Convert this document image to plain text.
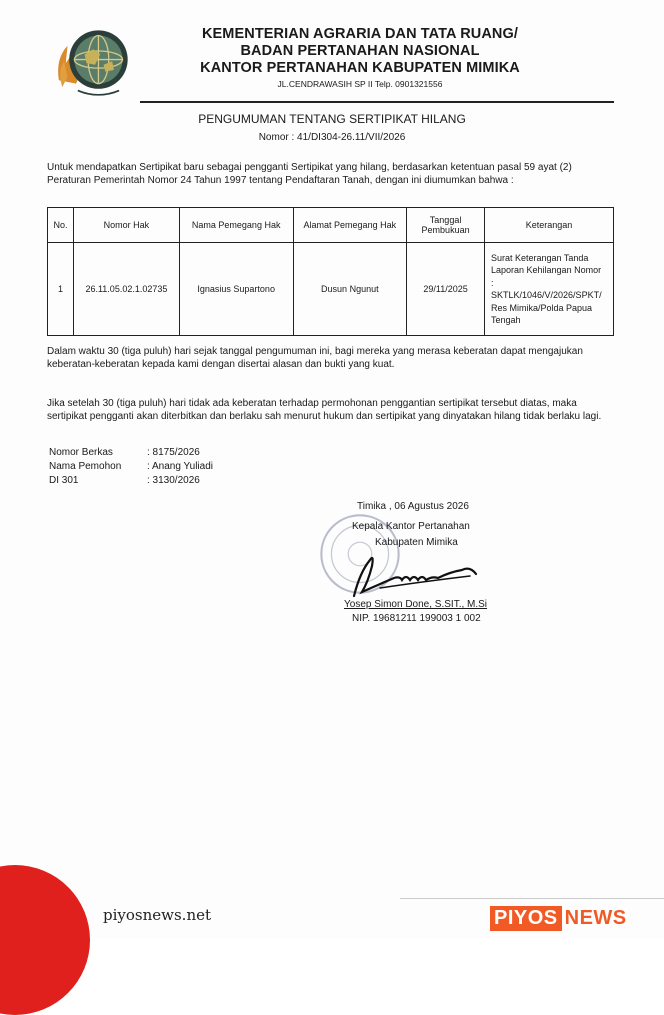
KEMENTERIAN AGRARIA DAN TATA RUANG/
BADAN PERTANAHAN NASIONAL
KANTOR PERTANAHAN KABUPATEN MIMIKA
JL.CENDRAWASIH SP II Telp. 0901321556
PENGUMUMAN TENTANG SERTIPIKAT HILANG
Nomor : 41/DI304-26.11/VII/2026
Untuk mendapatkan Sertipikat baru sebagai pengganti Sertipikat yang hilang, berdasarkan ketentuan pasal 59 ayat (2) Peraturan Pemerintah Nomor 24 Tahun 1997 tentang Pendaftaran Tanah, dengan ini diumumkan bahwa :
No.	Nomor Hak	Nama Pemegang Hak	Alamat Pemegang Hak	Tanggal Pembukuan	Keterangan
1	26.11.05.02.1.02735	Ignasius Supartono	Dusun Ngunut	29/11/2025	Surat Keterangan Tanda Laporan Kehilangan Nomor
:
SKTLK/1046/V/2026/SPKT/ Res Mimika/Polda Papua Tengah
Dalam waktu 30 (tiga puluh) hari sejak tanggal pengumuman ini, bagi mereka yang merasa keberatan dapat mengajukan keberatan-keberatan kepada kami dengan disertai alasan dan bukti yang kuat.
Jika setelah 30 (tiga puluh) hari tidak ada keberatan terhadap permohonan penggantian sertipikat tersebut diatas, maka sertipikat pengganti akan diterbitkan dan berlaku sah menurut hukum dan sertipikat yang dinyatakan hilang tidak berlaku lagi.
Nomor Berkas	: 8175/2026
Nama Pemohon	: Anang Yuliadi
DI 301	: 3130/2026
Timika , 06 Agustus 2026
Kepala Kantor Pertanahan
Kabupaten Mimika
Yosep Simon Done, S.SIT., M.Si
NIP. 19681211 199003 1 002
piyosnews.net	PIYOS NEWS
